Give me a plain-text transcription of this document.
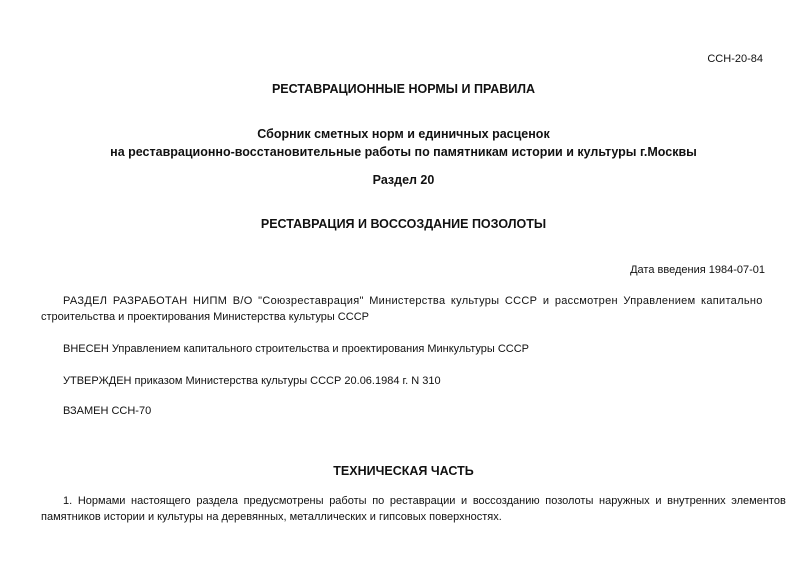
ССН-20-84
РЕСТАВРАЦИОННЫЕ НОРМЫ И ПРАВИЛА
Сборник сметных норм и единичных расценок
на реставрационно-восстановительные работы по памятникам истории и культуры г.Москвы
Раздел 20
РЕСТАВРАЦИЯ И ВОССОЗДАНИЕ ПОЗОЛОТЫ
Дата введения 1984-07-01
РАЗДЕЛ РАЗРАБОТАН НИПМ В/О "Союзреставрация" Министерства культуры СССР и рассмотрен Управлением капитально
строительства и проектирования Министерства культуры СССР
ВНЕСЕН Управлением капитального строительства и проектирования Минкультуры СССР
УТВЕРЖДЕН приказом Министерства культуры СССР 20.06.1984 г. N 310
ВЗАМЕН ССН-70
ТЕХНИЧЕСКАЯ ЧАСТЬ
1. Нормами настоящего раздела предусмотрены работы по реставрации и воссозданию позолоты наружных и внутренних элементов
памятников истории и культуры на деревянных, металлических и гипсовых поверхностях.
